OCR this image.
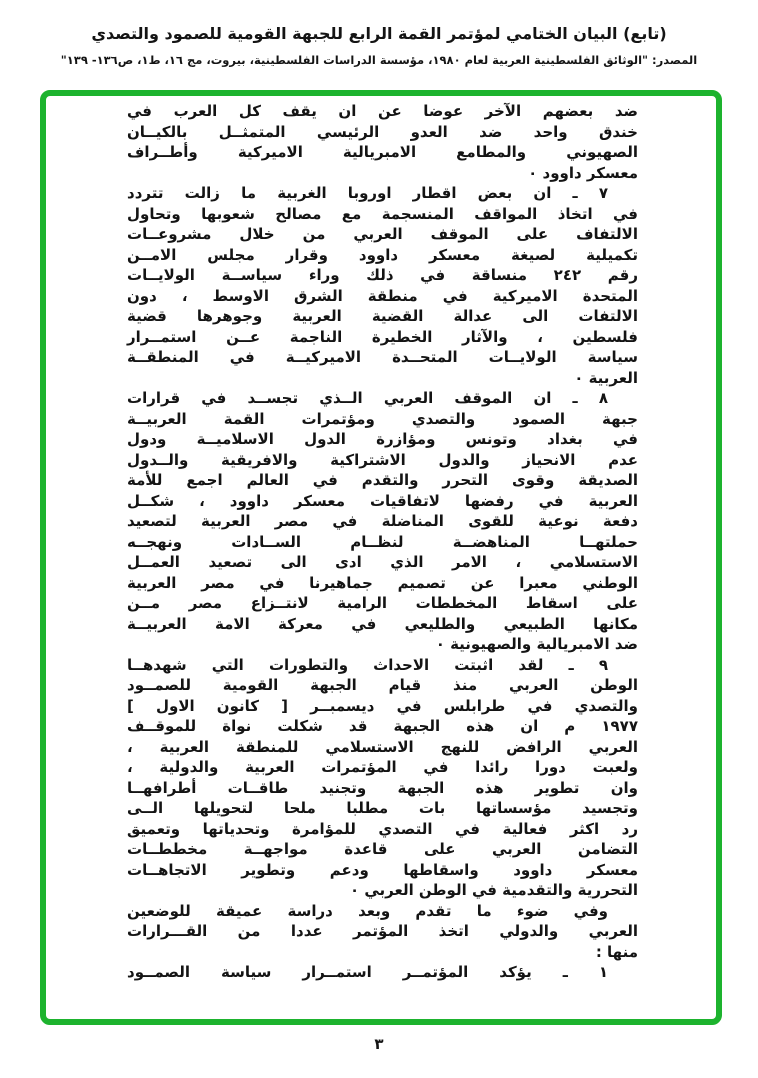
(تابع) البيان الختامي لمؤتمر القمة الرابع للجبهة القومية للصمود والتصدي
المصدر: "الوثائق الفلسطينية العربية لعام ١٩٨٠، مؤسسة الدراسات الفلسطينية، بيروت، مج ١٦، ط١، ص١٣٦- ١٣٩"
ضد بعضهم الآخر عوضا عن ان يقف كل العرب في
خندق واحد ضد العدو الرئيسي المتمثــل بالكيــان
الصهيوني والمطامع الامبريالية الاميركية وأطــراف
معسكر داوود ٠
٧ ـ ان بعض اقطار اوروبا الغربية ما زالت تتردد
في اتخاذ المواقف المنسجمة مع مصالح شعوبها وتحاول
الالتفاف على الموقف العربي من خلال مشروعــات
تكميلية لصيغة معسكر داوود وقرار مجلس الامــن
رقم ٢٤٢ منساقة في ذلك وراء سياســة الولايــات
المتحدة الاميركية في منطقة الشرق الاوسط ، دون
الالتفات الى عدالة القضية العربية وجوهرها قضية
فلسطين ، والآثار الخطيرة الناجمة عــن استمــرار
سياسة الولايــات المتحــدة الاميركيــة في المنطقــة
العربية ٠
٨ ـ ان الموقف العربي الــذي تجســد في قرارات
جبهة الصمود والتصدي ومؤتمرات القمة العربيــة
في بغداد وتونس ومؤازرة الدول الاسلاميــة ودول
عدم الانحياز والدول الاشتراكية والافريقية والــدول
الصديقة وقوى التحرر والتقدم في العالم اجمع للأمة
العربية في رفضها لاتفاقيات معسكر داوود ، شكــل
دفعة نوعية للقوى المناضلة في مصر العربية لتصعيد
حملتهــا المناهضــة لنظــام الســادات ونهجــه
الاستسلامي ، الامر الذي ادى الى تصعيد العمــل
الوطني معبرا عن تصميم جماهيرنا في مصر العربية
على اسقاط المخططات الرامية لانتــزاع مصر مــن
مكانها الطبيعي والطليعي في معركة الامة العربيــة
ضد الامبريالية والصهيونية ٠
٩ ـ لقد اثبتت الاحداث والتطورات التي شهدهــا
الوطن العربي منذ قيام الجبهة القومية للصمــود
والتصدي في طرابلس في ديسمبــر [ كانون الاول ]
١٩٧٧ م ان هذه الجبهة قد شكلت نواة للموقــف
العربي الرافض للنهج الاستسلامي للمنطقة العربية ،
ولعبت دورا رائدا في المؤتمرات العربية والدولية ،
وان تطوير هذه الجبهة وتجنيد طاقــات أطرافهــا
وتجسيد مؤسساتها بات مطلبا ملحا لتحويلها الــى
رد اكثر فعالية في التصدي للمؤامرة وتحدياتها وتعميق
التضامن العربي على قاعدة مواجهــة مخططــات
معسكر داوود واسقاطها ودعم وتطوير الاتجاهــات
التحررية والتقدمية في الوطن العربي ٠
وفي ضوء ما تقدم وبعد دراسة عميقة للوضعين
العربي والدولي اتخذ المؤتمر عددا من القـــرارات
منها :
١ ـ يؤكد المؤتمــر استمــرار سياسة الصمــود
٣
